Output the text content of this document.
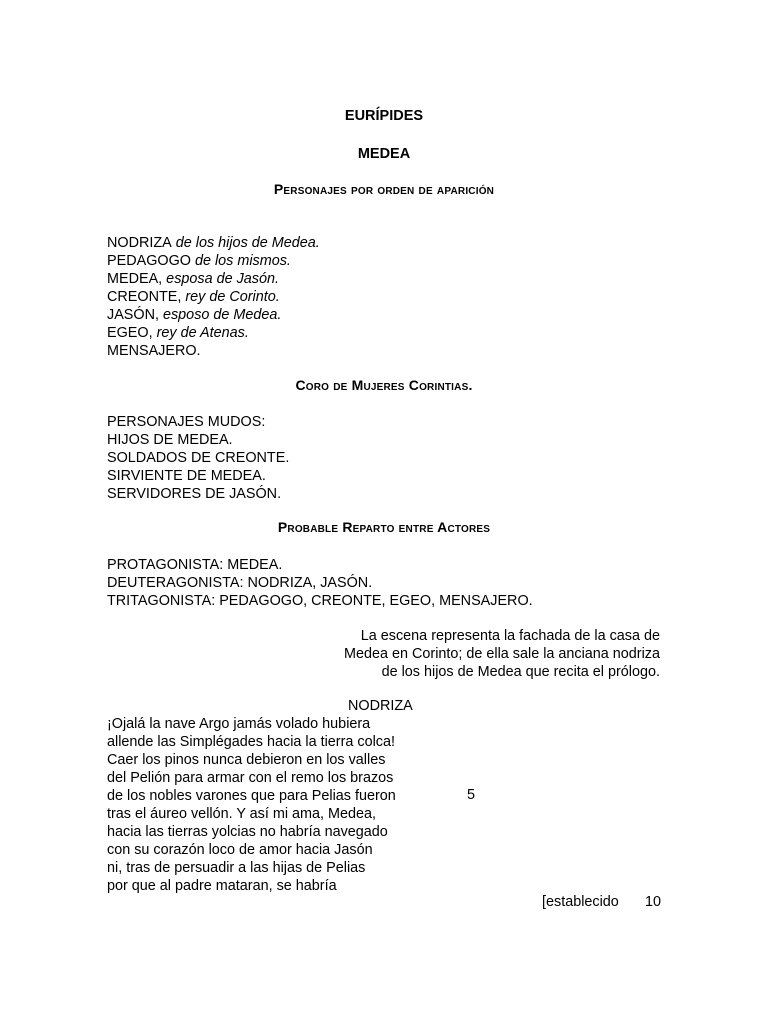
EURÍPIDES
MEDEA
Personajes por orden de aparición
NODRIZA de los hijos de Medea.
PEDAGOGO de los mismos.
MEDEA, esposa de Jasón.
CREONTE, rey de Corinto.
JASÓN, esposo de Medea.
EGEO, rey de Atenas.
MENSAJERO.
Coro de Mujeres Corintias.
PERSONAJES MUDOS:
HIJOS DE MEDEA.
SOLDADOS DE CREONTE.
SIRVIENTE DE MEDEA.
SERVIDORES DE JASÓN.
Probable Reparto entre Actores
PROTAGONISTA: MEDEA.
DEUTERAGONISTA: NODRIZA, JASÓN.
TRITAGONISTA: PEDAGOGO, CREONTE, EGEO, MENSAJERO.
La escena representa la fachada de la casa de
Medea en Corinto; de ella sale la anciana nodriza
de los hijos de Medea que recita el prólogo.
NODRIZA
¡Ojalá la nave Argo jamás volado hubiera
allende las Simplégades hacia la tierra colca!
Caer los pinos nunca debieron en los valles
del Pelión para armar con el remo los brazos
de los nobles varones que para Pelias fueron
tras el áureo vellón. Y así mi ama, Medea,
hacia las tierras yolcias no habría navegado
con su corazón loco de amor hacia Jasón
ni, tras de persuadir a las hijas de Pelias
por que al padre mataran, se habría
5
[establecido 10
